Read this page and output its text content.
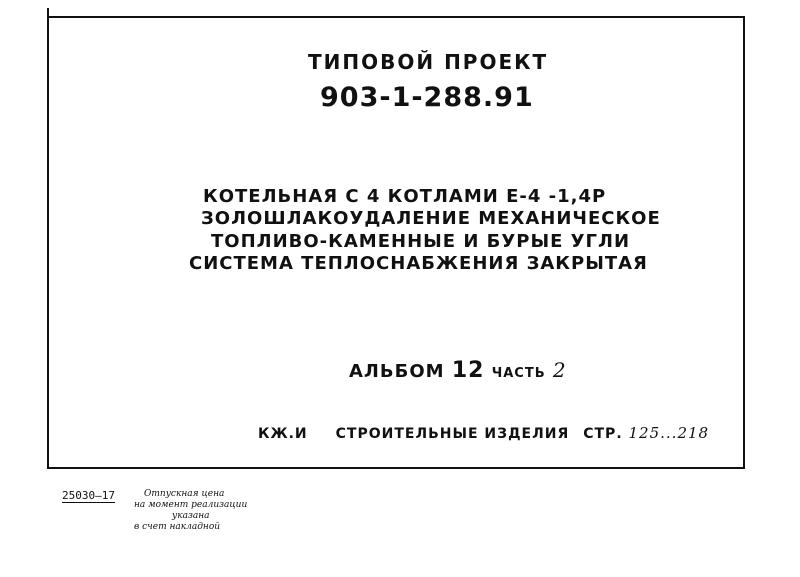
ТИПОВОЙ ПРОЕКТ
903-1-288.91
КОТЕЛЬНАЯ С 4 КОТЛАМИ Е-4 -1,4Р
ЗОЛОШЛАКОУДАЛЕНИЕ МЕХАНИЧЕСКОЕ
ТОПЛИВО-КАМЕННЫЕ И БУРЫЕ УГЛИ
СИСТЕМА ТЕПЛОСНАБЖЕНИЯ ЗАКРЫТАЯ
АЛЬБОМ 12 ЧАСТЬ 2
КЖ.И СТРОИТЕЛЬНЫЕ ИЗДЕЛИЯ СТР. 125...218
25030—17	Отпускная цена
на момент реализации
указана
в счет накладной
